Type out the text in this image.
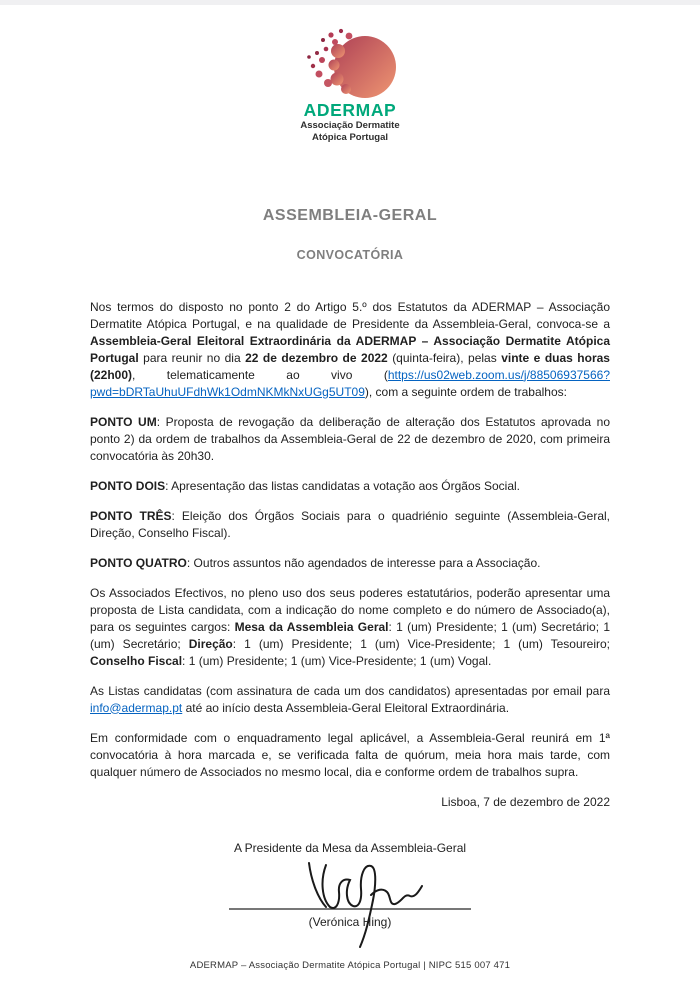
ADERMAP
Associação Dermatite
Atópica Portugal
ASSEMBLEIA-GERAL
CONVOCATÓRIA

Nos termos do disposto no ponto 2 do Artigo 5.º dos Estatutos da ADERMAP – Associação Dermatite Atópica Portugal, e na qualidade de Presidente da Assembleia-Geral, convoca-se a Assembleia-Geral Eleitoral Extraordinária da ADERMAP – Associação Dermatite Atópica Portugal para reunir no dia 22 de dezembro de 2022 (quinta-feira), pelas vinte e duas horas (22h00), telematicamente ao vivo (https://us02web.zoom.us/j/88506937566?pwd=bDRTaUhuUFdhWk1OdmNKMkNxUGg5UT09), com a seguinte ordem de trabalhos:

PONTO UM: Proposta de revogação da deliberação de alteração dos Estatutos aprovada no ponto 2) da ordem de trabalhos da Assembleia-Geral de 22 de dezembro de 2020, com primeira convocatória às 20h30.

PONTO DOIS: Apresentação das listas candidatas a votação aos Órgãos Social.

PONTO TRÊS: Eleição dos Órgãos Sociais para o quadriénio seguinte (Assembleia-Geral, Direção, Conselho Fiscal).

PONTO QUATRO: Outros assuntos não agendados de interesse para a Associação.

Os Associados Efectivos, no pleno uso dos seus poderes estatutários, poderão apresentar uma proposta de Lista candidata, com a indicação do nome completo e do número de Associado(a), para os seguintes cargos: Mesa da Assembleia Geral: 1 (um) Presidente; 1 (um) Secretário; 1 (um) Secretário; Direção: 1 (um) Presidente; 1 (um) Vice-Presidente; 1 (um) Tesoureiro; Conselho Fiscal: 1 (um) Presidente; 1 (um) Vice-Presidente; 1 (um) Vogal.

As Listas candidatas (com assinatura de cada um dos candidatos) apresentadas por email para info@adermap.pt até ao início desta Assembleia-Geral Eleitoral Extraordinária.

Em conformidade com o enquadramento legal aplicável, a Assembleia-Geral reunirá em 1ª convocatória à hora marcada e, se verificada falta de quórum, meia hora mais tarde, com qualquer número de Associados no mesmo local, dia e conforme ordem de trabalhos supra.

Lisboa, 7 de dezembro de 2022
A Presidente da Mesa da Assembleia-Geral
(Verónica Hing)
ADERMAP – Associação Dermatite Atópica Portugal | NIPC 515 007 471
